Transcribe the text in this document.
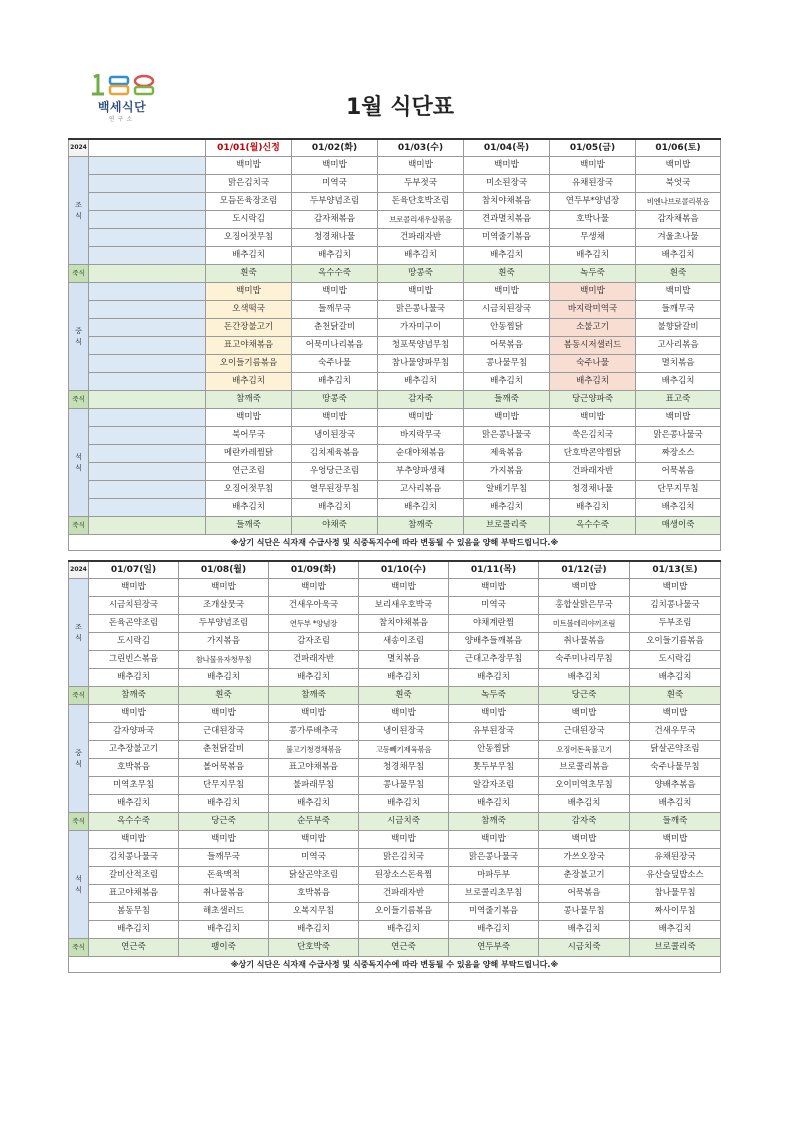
백세식단
연구소	1월 식단표
2024		01/01(월)신정	01/02(화)	01/03(수)	01/04(목)	01/05(금)	01/06(토)
조
식		백미밥	백미밥	백미밥	백미밥	백미밥	백미밥
		맑은김치국	미역국	두부젓국	미소된장국	유채된장국	북엇국
		모듬돈육장조림	두부양념조림	돈육단호박조림	참치야채볶음	연두부*양념장	비엔나브로콜리볶음
		도시락김	감자채볶음	브로콜리새우살볶음	견과멸치볶음	호박나물	감자채볶음
		오징어젓무침	청경채나물	건파래자반	미역줄기볶음	무생채	겨울초나물
		배추김치	배추김치	배추김치	배추김치	배추김치	배추김치
죽식		흰죽	옥수수죽	땅콩죽	흰죽	녹두죽	흰죽
중
식		백미밥	백미밥	백미밥	백미밥	백미밥	백미밥
		오색떡국	들깨무국	맑은콩나물국	시금치된장국	바지락미역국	들깨무국
		돈간장불고기	춘천닭갈비	가자미구이	안동찜닭	소불고기	불향닭갈비
		표고야채볶음	어묵미나리볶음	청포묵양념무침	어묵볶음	봄동시저샐러드	고사리볶음
		오이들기름볶음	숙주나물	참나물양파무침	콩나물무침	숙주나물	멸치볶음
		배추김치	배추김치	배추김치	배추김치	배추김치	배추김치
죽식		참깨죽	땅콩죽	감자죽	들깨죽	당근양파죽	표고죽
석
식		백미밥	백미밥	백미밥	백미밥	백미밥	백미밥
		북어무국	냉이된장국	바지락무국	맑은콩나물국	쑥은김치국	맑은콩나물국
		메란카레찜닭	김치제육볶음	순대야채볶음	제육볶음	단호박콘약찜닭	짜장소스
		연근조림	우엉당근조림	부추양파생채	가지볶음	건파래자반	어묵볶음
		오징어젓무침	열무된장무침	고사리볶음	알배기무침	청경채나물	단무지무침
		배추김치	배추김치	배추김치	배추김치	배추김치	배추김치
죽식		들깨죽	야채죽	참깨죽	브로콜리죽	옥수수죽	매생이죽
※상기 식단은 식자재 수급사정 및 식중독지수에 따라 변동될 수 있음을 양해 부탁드립니다.※							
2024	01/07(일)	01/08(월)	01/09(화)	01/10(수)	01/11(목)	01/12(금)	01/13(토)
조
식	백미밥	백미밥	백미밥	백미밥	백미밥	백미밥	백미밥
	시금치된장국	조개살뭇국	건새우아욱국	보리새우호박국	미역국	홍합살맑은무국	김치콩나물국
	돈육곤약조림	두부양념조림	연두부 *양념장	참치야채볶음	야채계란찜	미트볼데리야끼조림	두부조림
	도시락김	가지볶음	감자조림	새송이조림	양배추들깨볶음	취나물볶음	오이들기름볶음
	그린빈스볶음	참나물유자청무침	건파래자반	멸치볶음	근대고추장무침	숙주미나리무침	도시락김
	배추김치	배추김치	배추김치	배추김치	배추김치	배추김치	배추김치
죽식	참깨죽	흰죽	참깨죽	흰죽	녹두죽	당근죽	흰죽
중
식	백미밥	백미밥	백미밥	백미밥	백미밥	백미밥	백미밥
	감자양파국	근대된장국	콩가루배추국	냉이된장국	유부된장국	근대된장국	건새우무국
	고추장불고기	춘천닭갈비	불고기청경채볶음	고등빼기제육볶음	안동찜닭	오징어돈육불고기	닭살곤약조림
	호박볶음	볼어묵볶음	표고야채볶음	청경채무침	톳두부무침	브로콜리볶음	숙주나물무침
	미역초무침	단무지무침	불파래무침	콩나물무침	알감자조림	오이미역초무침	양배추볶음
	배추김치	배추김치	배추김치	배추김치	배추김치	배추김치	배추김치
죽식	옥수수죽	당근죽	순두부죽	시금치죽	참깨죽	감자죽	들깨죽
석
식	백미밥	백미밥	백미밥	백미밥	백미밥	백미밥	백미밥
	김치콩나물국	들깨무국	미역국	맑은김치국	맑은콩나물국	가쓰오장국	유채된장국
	갈비산적조림	돈육맥적	닭살곤약조림	된장소스돈육찜	마파두부	춘장불고기	유산슬덮밥소스
	표고야채볶음	취나물볶음	호박볶음	건파래자반	브로콜리초무침	어묵볶음	참나물무침
	봄동무침	해초샐러드	오복지무침	오이들기름볶음	미역줄기볶음	콩나물무침	짜사이무침
	배추김치	배추김치	배추김치	배추김치	배추김치	배추김치	배추김치
죽식	연근죽	팽이죽	단호박죽	연근죽	연두부죽	시금치죽	브로콜리죽
※상기 식단은 식자재 수급사정 및 식중독지수에 따라 변동될 수 있음을 양해 부탁드립니다.※							
